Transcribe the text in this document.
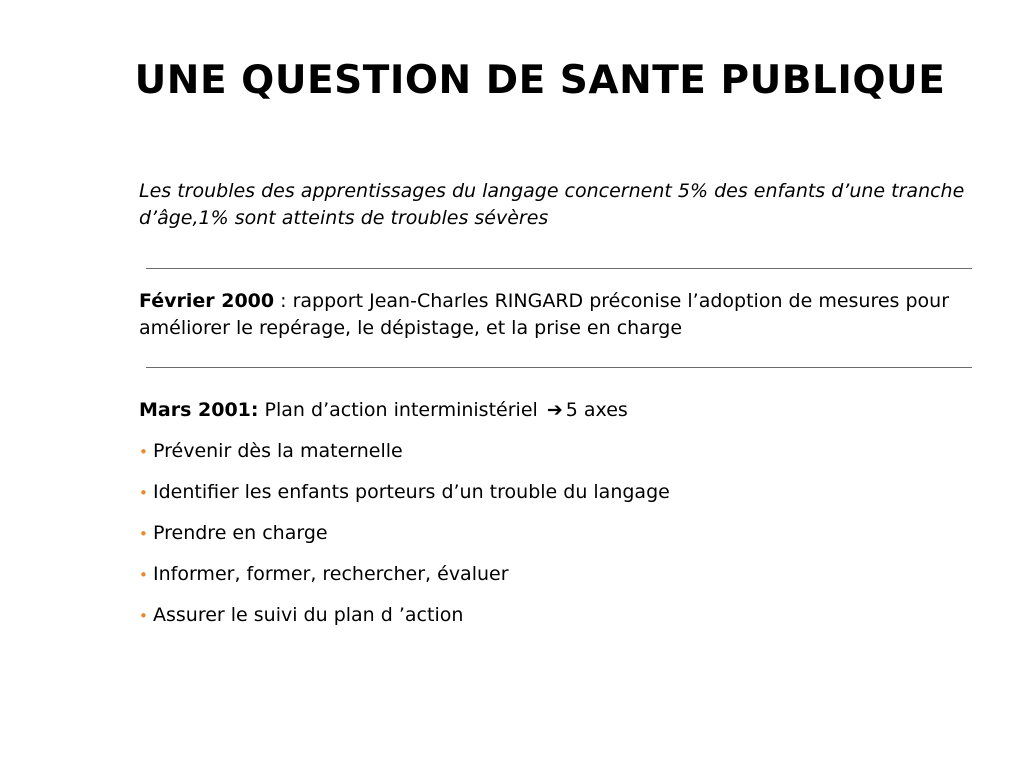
UNE QUESTION DE SANTE PUBLIQUE
Les troubles des apprentissages du langage concernent 5% des enfants d’une tranche d’âge,1% sont atteints de troubles sévères
Février 2000 : rapport Jean-Charles RINGARD préconise l’adoption de mesures pour améliorer le repérage, le dépistage, et la prise en charge
Mars 2001: Plan d’action interministériel ➔ 5 axes
• Prévenir dès la maternelle
• Identifier les enfants porteurs d’un trouble du langage
• Prendre en charge
• Informer, former, rechercher, évaluer
• Assurer le suivi du plan d ’action
